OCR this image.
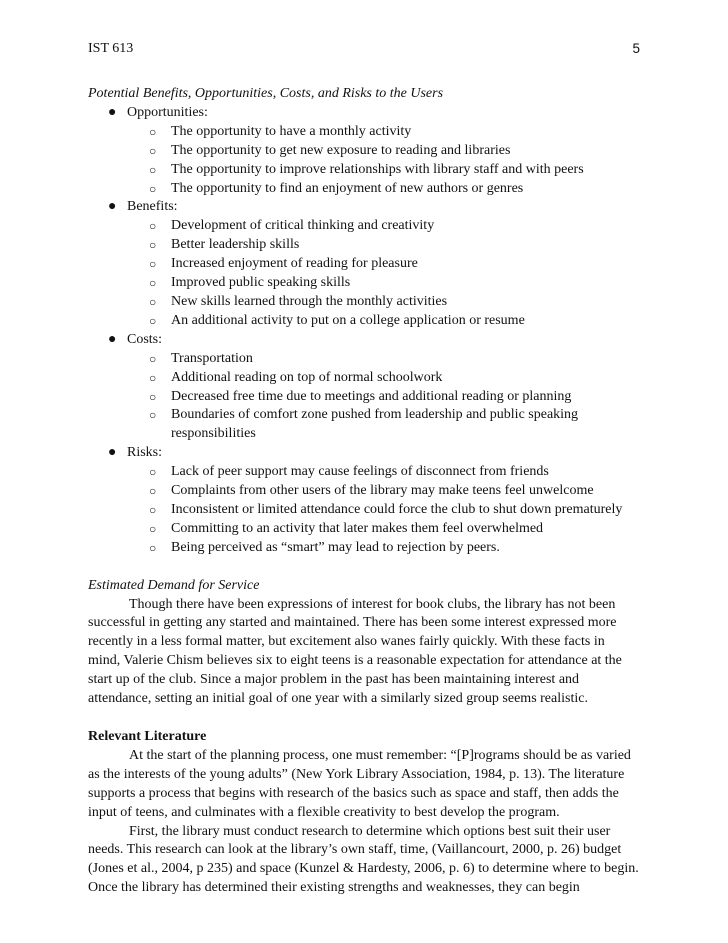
IST 613	5

Potential Benefits, Opportunities, Costs, and Risks to the Users

● Opportunities:
○ The opportunity to have a monthly activity
○ The opportunity to get new exposure to reading and libraries
○ The opportunity to improve relationships with library staff and with peers
○ The opportunity to find an enjoyment of new authors or genres
● Benefits:
○ Development of critical thinking and creativity
○ Better leadership skills
○ Increased enjoyment of reading for pleasure
○ Improved public speaking skills
○ New skills learned through the monthly activities
○ An additional activity to put on a college application or resume
● Costs:
○ Transportation
○ Additional reading on top of normal schoolwork
○ Decreased free time due to meetings and additional reading or planning
○ Boundaries of comfort zone pushed from leadership and public speaking responsibilities
● Risks:
○ Lack of peer support may cause feelings of disconnect from friends
○ Complaints from other users of the library may make teens feel unwelcome
○ Inconsistent or limited attendance could force the club to shut down prematurely
○ Committing to an activity that later makes them feel overwhelmed
○ Being perceived as “smart” may lead to rejection by peers.

Estimated Demand for Service

Though there have been expressions of interest for book clubs, the library has not been successful in getting any started and maintained. There has been some interest expressed more recently in a less formal matter, but excitement also wanes fairly quickly. With these facts in mind, Valerie Chism believes six to eight teens is a reasonable expectation for attendance at the start up of the club. Since a major problem in the past has been maintaining interest and attendance, setting an initial goal of one year with a similarly sized group seems realistic.

Relevant Literature

At the start of the planning process, one must remember: “[P]rograms should be as varied as the interests of the young adults” (New York Library Association, 1984, p. 13). The literature supports a process that begins with research of the basics such as space and staff, then adds the input of teens, and culminates with a flexible creativity to best develop the program.

First, the library must conduct research to determine which options best suit their user needs. This research can look at the library’s own staff, time, (Vaillancourt, 2000, p. 26) budget (Jones et al., 2004, p 235) and space (Kunzel & Hardesty, 2006, p. 6) to determine where to begin. Once the library has determined their existing strengths and weaknesses, they can begin
